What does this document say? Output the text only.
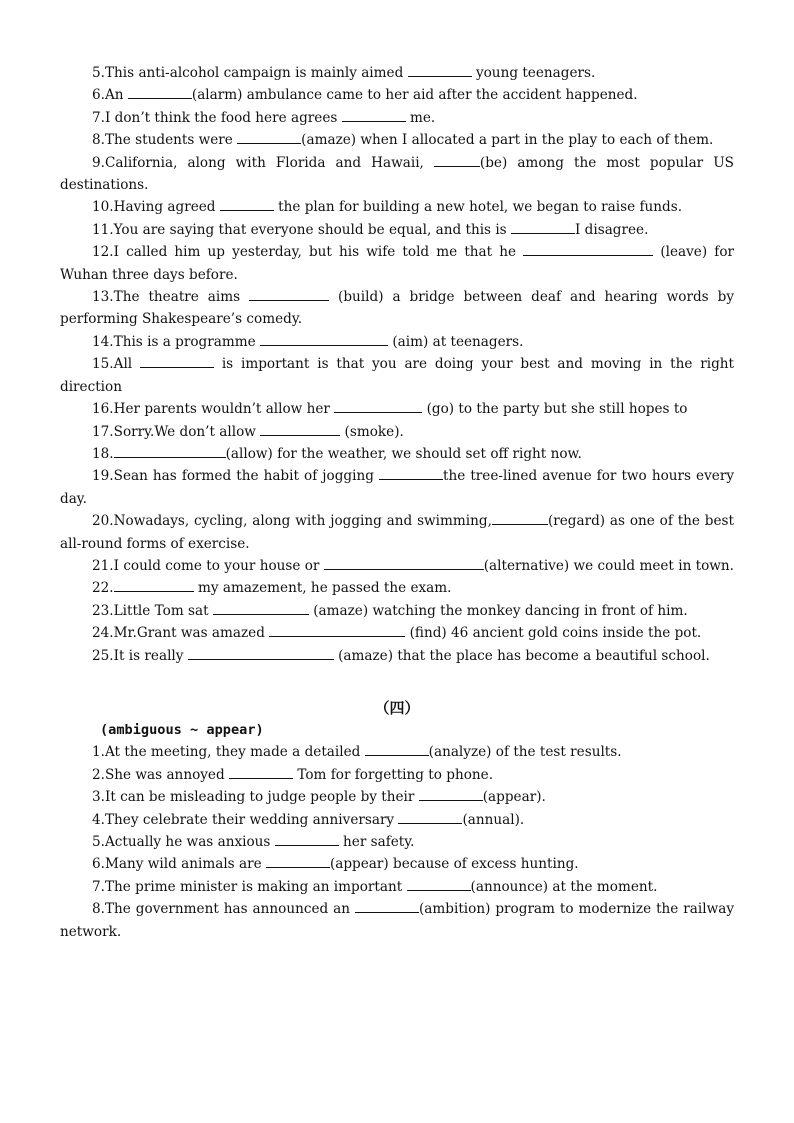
5.This anti-alcohol campaign is mainly aimed	young teenagers.

6.An	(alarm) ambulance came to her aid after the accident happened.

7.I don’t think the food here agrees	me.

8.The students were	(amaze) when I allocated a part in the play to each of them.

9.California, along with Florida and Hawaii,	(be) among the most popular US destinations.

10.Having agreed	the plan for building a new hotel, we began to raise funds.

11.You are saying that everyone should be equal, and this is	I disagree.

12.I called him up yesterday, but his wife told me that he	(leave) for Wuhan three days before.

13.The theatre aims	(build) a bridge between deaf and hearing words by performing Shakespeare’s comedy.

14.This is a programme	(aim) at teenagers.

15.All	is important is that you are doing your best and moving in the right direction

16.Her parents wouldn’t allow her	(go) to the party but she still hopes to

17.Sorry.We don’t allow	(smoke).

18.	(allow) for the weather, we should set off right now.

19.Sean has formed the habit of jogging	the tree-lined avenue for two hours every day.

20.Nowadays, cycling, along with jogging and swimming,	(regard) as one of the best all-round forms of exercise.

21.I could come to your house or	(alternative) we could meet in town.

22.	my amazement, he passed the exam.

23.Little Tom sat	(amaze) watching the monkey dancing in front of him.

24.Mr.Grant was amazed	(find) 46 ancient gold coins inside the pot.

25.It is really	(amaze) that the place has become a beautiful school.

（四）
(ambiguous ~ appear)

1.At the meeting, they made a detailed	(analyze) of the test results.

2.She was annoyed	Tom for forgetting to phone.

3.It can be misleading to judge people by their	(appear).

4.They celebrate their wedding anniversary	(annual).

5.Actually he was anxious	her safety.

6.Many wild animals are	(appear) because of excess hunting.

7.The prime minister is making an important	(announce) at the moment.

8.The government has announced an	(ambition) program to modernize the railway network.
